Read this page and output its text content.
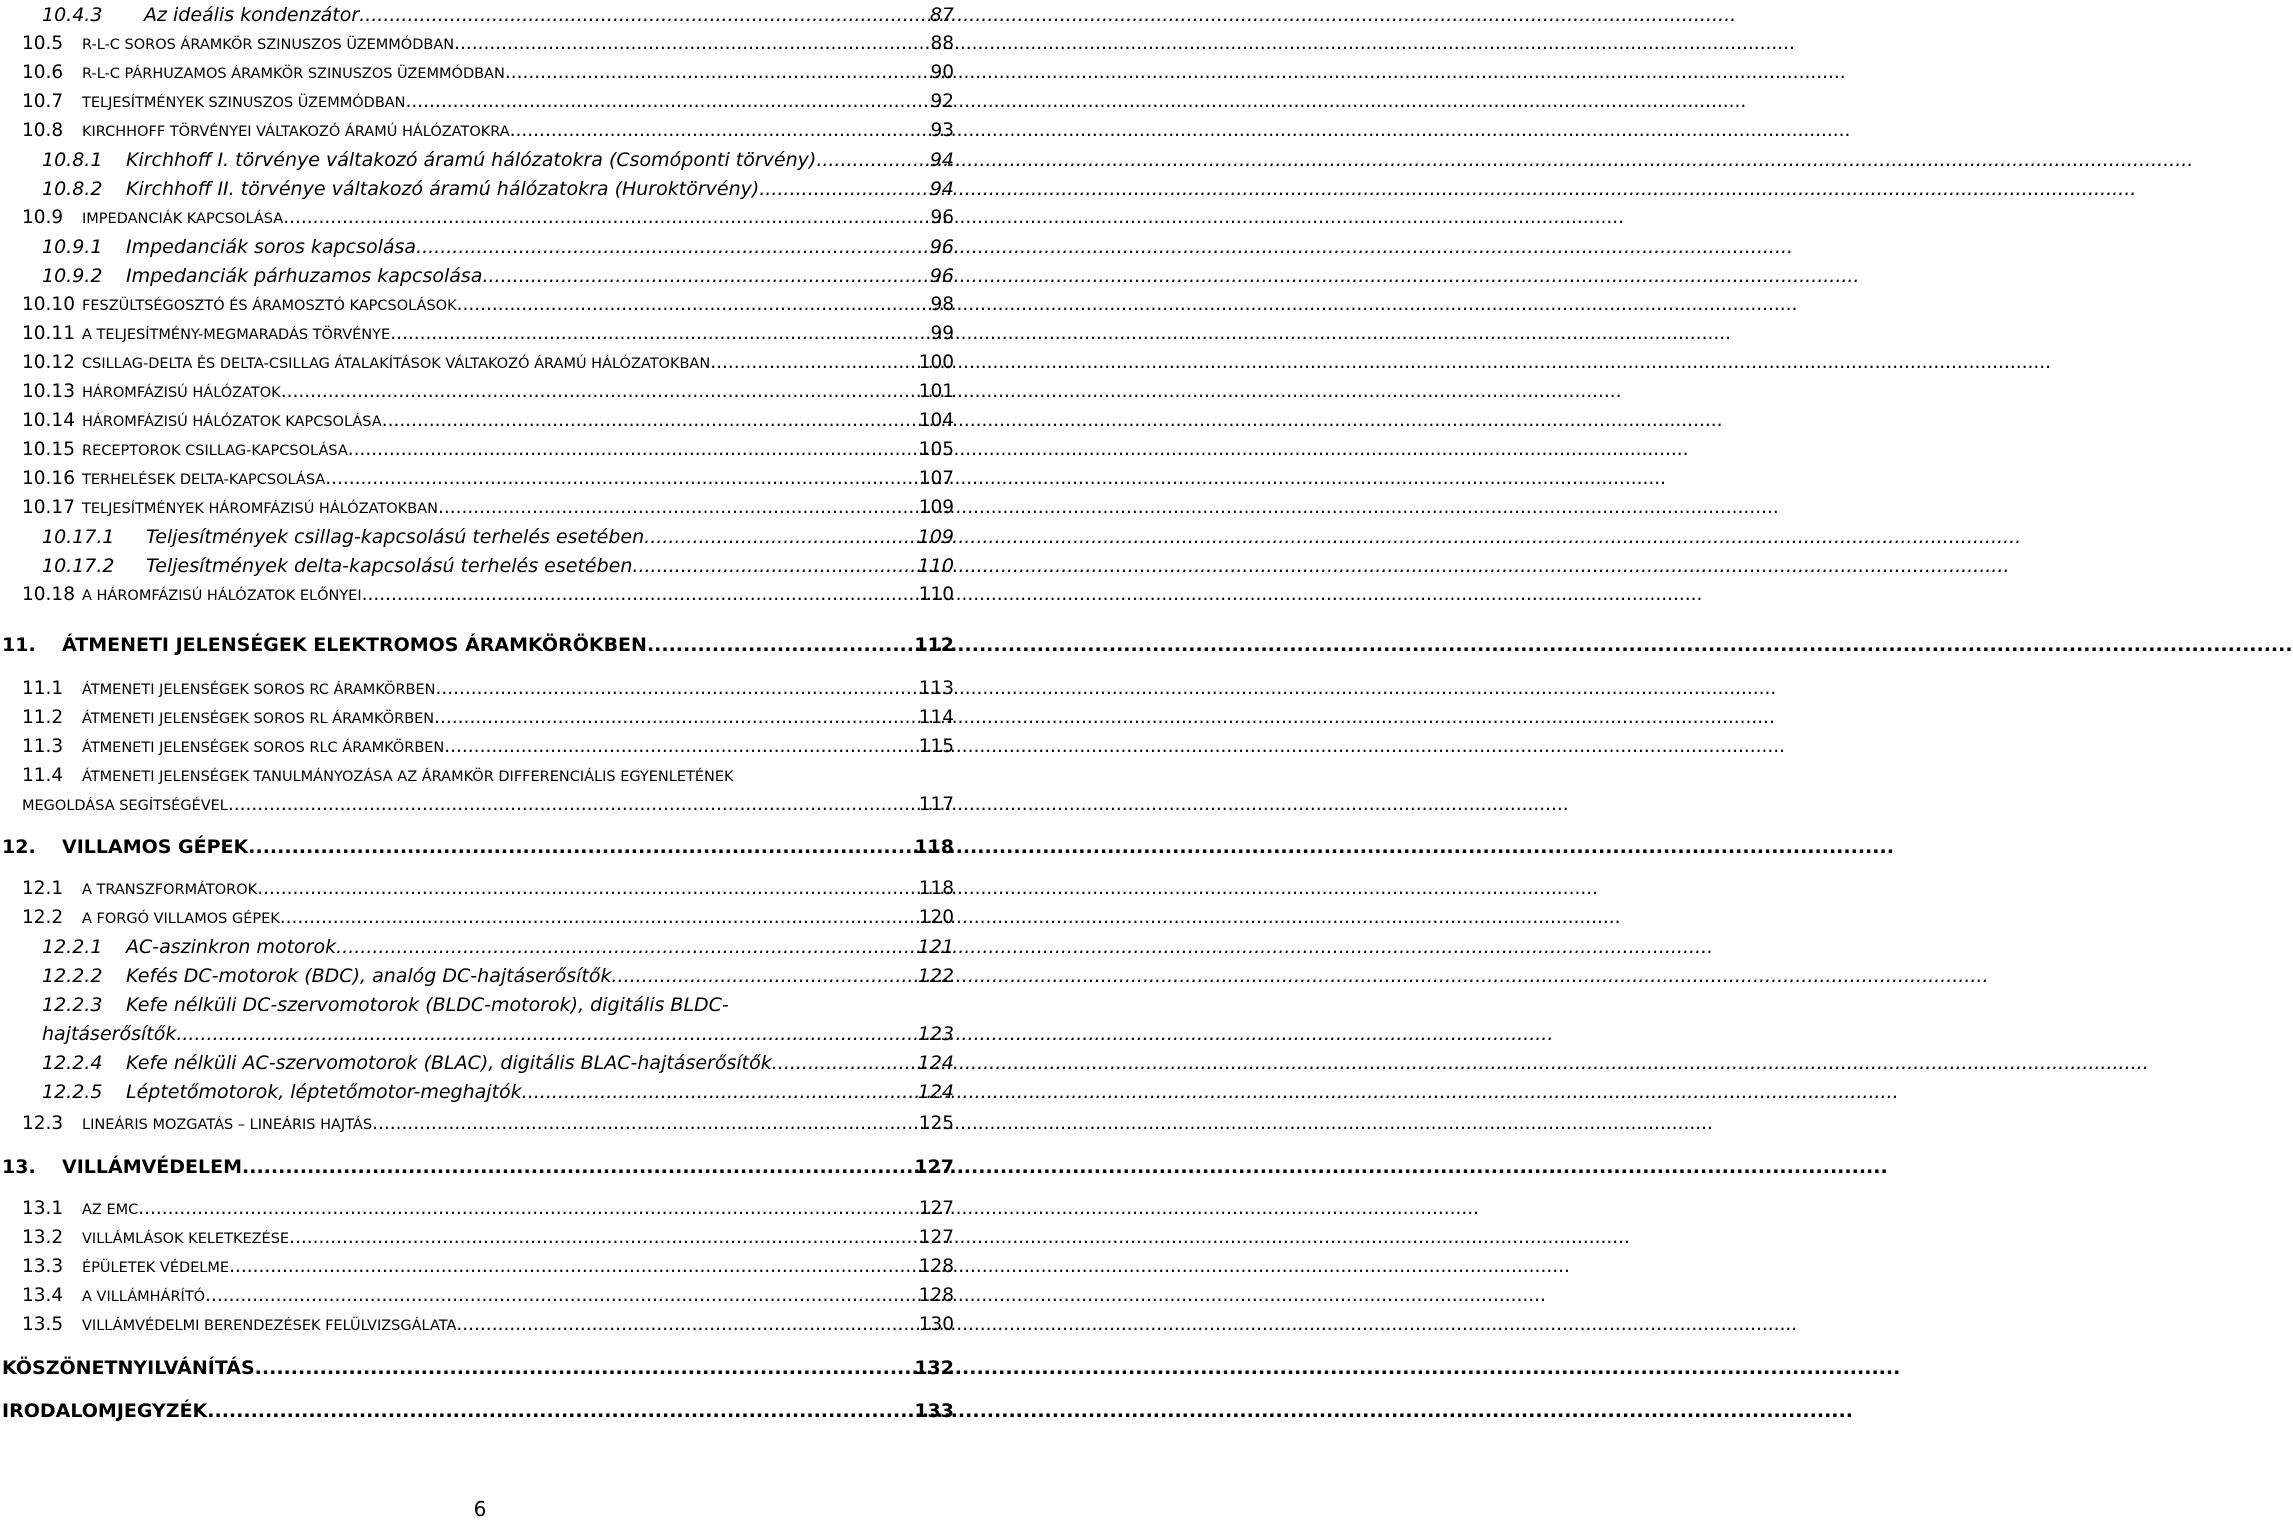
10.4.3	Az ideális kondenzátor .....	87
10.5	R-L-C SOROS ÁRAMKÖR SZINUSZOS ÜZEMMÓDBAN .....	88
10.6	R-L-C PÁRHUZAMOS ÁRAMKÖR SZINUSZOS ÜZEMMÓDBAN .....	90
10.7	TELJESÍTMÉNYEK SZINUSZOS ÜZEMMÓDBAN .....	92
10.8	KIRCHHOFF TÖRVÉNYEI VÁLTAKOZÓ ÁRAMÚ HÁLÓZATOKRA .....	93
10.8.1	Kirchhoff I. törvénye váltakozó áramú hálózatokra (Csomóponti törvény) .....	94
10.8.2	Kirchhoff II. törvénye váltakozó áramú hálózatokra (Huroktörvény) .....	94
10.9	IMPEDANCIÁK KAPCSOLÁSA .....	96
10.9.1	Impedanciák soros kapcsolása .....	96
10.9.2	Impedanciák párhuzamos kapcsolása .....	96
10.10 FESZÜLTSÉGOSZTÓ ÉS ÁRAMOSZTÓ KAPCSOLÁSOK .....	98
10.11 A TELJESÍTMÉNY-MEGMARADÁS TÖRVÉNYE .....	99
10.12 CSILLAG-DELTA ÉS DELTA-CSILLAG ÁTALAKÍTÁSOK VÁLTAKOZÓ ÁRAMÚ HÁLÓZATOKBAN .....	100
10.13 HÁROMFÁZISÚ HÁLÓZATOK .....	101
10.14 HÁROMFÁZISÚ HÁLÓZATOK KAPCSOLÁSA .....	104
10.15 RECEPTOROK CSILLAG-KAPCSOLÁSA .....	105
10.16 TERHELÉSEK DELTA-KAPCSOLÁSA .....	107
10.17 TELJESÍTMÉNYEK HÁROMFÁZISÚ HÁLÓZATOKBAN .....	109
10.17.1	Teljesítmények csillag-kapcsolású terhelés esetében .....	109
10.17.2	Teljesítmények delta-kapcsolású terhelés esetében .....	110
10.18 A HÁROMFÁZISÚ HÁLÓZATOK ELŐNYEI .....	110
11.	ÁTMENETI JELENSÉGEK ELEKTROMOS ÁRAMKÖRÖKBEN .....	112
11.1	ÁTMENETI JELENSÉGEK SOROS RC ÁRAMKÖRBEN .....	113
11.2	ÁTMENETI JELENSÉGEK SOROS RL ÁRAMKÖRBEN .....	114
11.3	ÁTMENETI JELENSÉGEK SOROS RLC ÁRAMKÖRBEN .....	115
11.4	ÁTMENETI JELENSÉGEK TANULMÁNYOZÁSA AZ ÁRAMKÖR DIFFERENCIÁLIS EGYENLETÉNEK
MEGOLDÁSA SEGÍTSÉGÉVEL .....	117
12.	VILLAMOS GÉPEK .....	118
12.1	A TRANSZFORMÁTOROK .....	118
12.2	A FORGÓ VILLAMOS GÉPEK .....	120
12.2.1	AC-aszinkron motorok .....	121
12.2.2	Kefés DC-motorok (BDC), analóg DC-hajtáserősítők .....	122
12.2.3	Kefe nélküli DC-szervomotorok (BLDC-motorok), digitális BLDC-
hajtáserősítők .....	123
12.2.4	Kefe nélküli AC-szervomotorok (BLAC), digitális BLAC-hajtáserősítők .....	124
12.2.5	Léptetőmotorok, léptetőmotor-meghajtók .....	124
12.3	LINEÁRIS MOZGATÁS – LINEÁRIS HAJTÁS .....	125
13.	VILLÁMVÉDELEM .....	127
13.1	AZ EMC .....	127
13.2	VILLÁMLÁSOK KELETKEZÉSE .....	127
13.3	ÉPÜLETEK VÉDELME .....	128
13.4	A VILLÁMHÁRÍTÓ .....	128
13.5	VILLÁMVÉDELMI BERENDEZÉSEK FELÜLVIZSGÁLATA .....	130
KÖSZÖNETNYILVÁNÍTÁS .....	132
IRODALOMJEGYZÉK .....	133
6
